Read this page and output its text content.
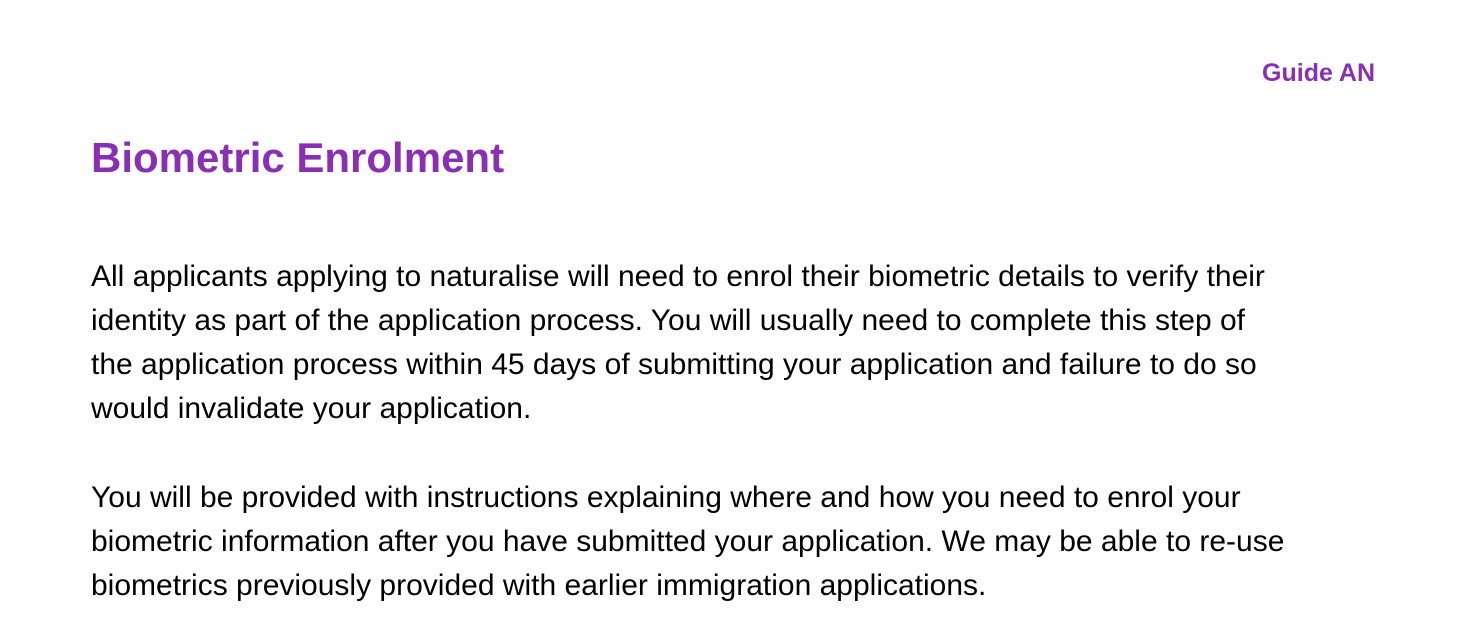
Guide AN
Biometric Enrolment

All applicants applying to naturalise will need to enrol their biometric details to verify their
identity as part of the application process. You will usually need to complete this step of
the application process within 45 days of submitting your application and failure to do so
would invalidate your application.

You will be provided with instructions explaining where and how you need to enrol your
biometric information after you have submitted your application. We may be able to re-use
biometrics previously provided with earlier immigration applications.
